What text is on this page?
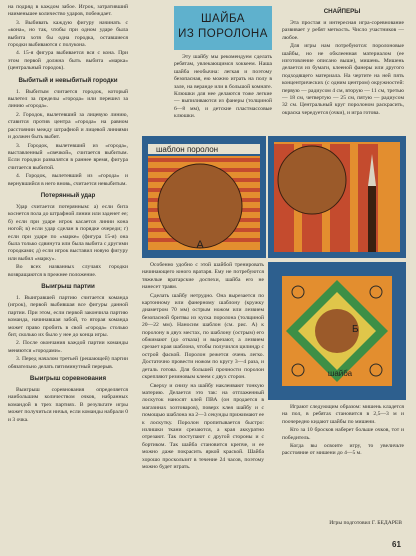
на подряд в каждом забое. Игрок, затративший наименьшее количество ударов, побеждает.

3. Выбивать каждую фигуру начинать с «кона», но так, чтобы при одном ударе была выбита хотя бы одна городка, оставшиеся городки выбиваются с полукона.

4. 15-я фигура выбивается вся с кона. При этом первой должна быть выбита «марка» (центральный городок).

Выбитый и невыбитый городки

1. Выбитым считается городок, который вылетел за пределы «города» или перешел за линию «города».

2. Городок, вылетевший за лицевую линию, ставится против центра «города» на равном расстоянии между штрафной и лицевой линиями и должен быть выбит.

3. Городок, вылетевший из «города», выставленный «свечкой», считается выбитым. Если городки развалятся в раннее время, фигура считается выбитой.

4. Городок, вылетевший из «города» и вернувшийся в него вновь, считается невыбитым.

Потерянный удар

Удар считается потерянным: а) если бита коснется пола до штрафной линии или заденет ее; б) если при ударе игрок касается линии кона ногой; в) если удар сделан в порядке очереди; г) если при ударе по «марке» (фигура 15-я) она была только сдвинута или была выбита с другими городками; д) если игрок выставил новую фигуру или выбил «марку».

Во всех названных случаях городки возвращаются в прежнее положение.

Выигрыш партии

1. Выигравшей партию считается команда (игрок), первой выбившая все фигуры данной партии. При этом, если первой закончила партию команда, начинавшая забой, то вторая команда может право пробить в свой «города» столько бит, сколько их было у нее до конца игры.

2. После окончания каждой партии команды меняются «городами».

3. Перед началом третьей (решающей) партии обязательно делать пятиминутный перерыв.

Выигрыш соревнования

Выигрыш соревнования определяется наибольшим количеством очков, набранных командой в трех партиях. В результате игры может получиться ничья, если команды набрали 0 и 3 очка.

ШАЙБА
ИЗ ПОРОЛОНА

Эту шайбу мы рекомендуем сделать ребятам, увлекающимся хоккеем. Наша шайба необычна: легкая и поэтому безопасная, ею можно играть на полу в зале, на веранде или в большой комнате. Клюшки для нее делаются тоже легкие — выпиливаются из фанеры (толщиной 6—8 мм), и детские пластмассовые клюшки.

шаблон поролон
А
Б
шайба

Особенно удобно с этой шайбой тренировать начинающего юного вратаря. Ему не потребуются тяжелые вратарские доспехи, шайба его не нанесет травм.

Сделать шайбу нетрудно. Она вырезается по картонному или фанерному шаблону (кружку диаметром 70 мм) острым ножом или лезвием безопасной бритвы из куска поролона (толщиной 20—22 мм). Наносим шаблон (см. рис. А) к поролону в двух местах, по шаблону (острым) его обжимают (до отказа) и вырезают, а лезвием срезает края шаблона, чтобы получился цилиндр с острой фаской. Поролон режется очень легко. Достаточно провести ножом по кругу 3—4 раза, и деталь готова. Для большей прочности поролон скрепляют резиновым клеем с двух сторон.

Сверху и снизу на шайбу наклеивают тонкую материю. Делается это так: на отглаженный лоскуток наносят клей ПВА (он продается в магазинах хозтоваров), поверх клея шайбу и с помощью шаблона на 2—3 секунды прижимают ее к лоскутку. Поролон пропитывается быстро: излишки ткани срезаются, а края аккуратно отрезают. Так поступают с другой стороны и с бортиком. Так шайба становится крепче, и ее можно даже покрасить яркой краской. Шайба хорошо проскользит в течение 24 часов, поэтому можно будет играть.

СНАЙПЕРЫ

Эта простая и интересная игра-соревнование развивает у ребят меткость. Число участников — любое.

Для игры нам потребуются: поролоновые шайбы, но не обклеенная материалом (ее изготовление описано выше), мишень. Мишень делается из бумаги, клееной фанеры или другого подходящего материала. На чертите на ней пять концентрических (с одним центром) окружностей: первую — радиусом 4 см, вторую — 11 см, третью — 18 см, четвертую — 25 см, пятую — радиусом 32 см. Центральный круг поролоном раскрасить, окраска чередуется (очки), и игра готова.

Играют следующим образом: мишень кладется на пол, в ребятах становится в 2,5—3 м и поочередно кидают шайбы по мишени.

Кто за 10 бросков наберет больше очков, тот и победитель.

Когда вы освоите игру, то увеличьте расстояние от мишени до 4—5 м.

Игры подготовил Г. БЕДАРЕВ
61
